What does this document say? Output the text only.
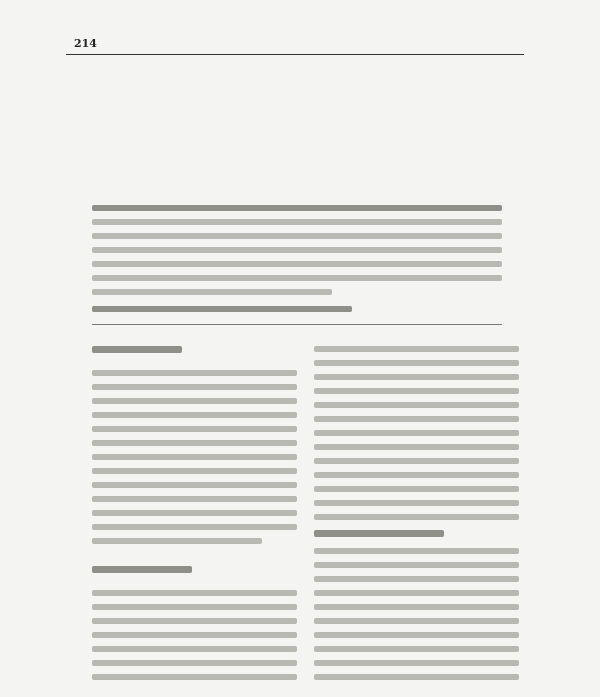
214
